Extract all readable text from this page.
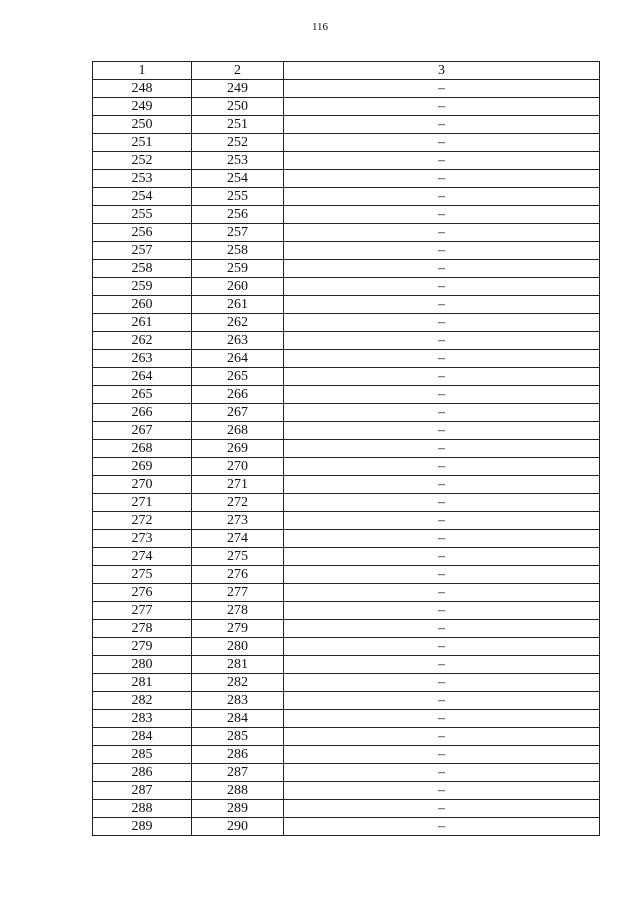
116
1	2	3
248	249	–
249	250	–
250	251	–
251	252	–
252	253	–
253	254	–
254	255	–
255	256	–
256	257	–
257	258	–
258	259	–
259	260	–
260	261	–
261	262	–
262	263	–
263	264	–
264	265	–
265	266	–
266	267	–
267	268	–
268	269	–
269	270	–
270	271	–
271	272	–
272	273	–
273	274	–
274	275	–
275	276	–
276	277	–
277	278	–
278	279	–
279	280	–
280	281	–
281	282	–
282	283	–
283	284	–
284	285	–
285	286	–
286	287	–
287	288	–
288	289	–
289	290	–
